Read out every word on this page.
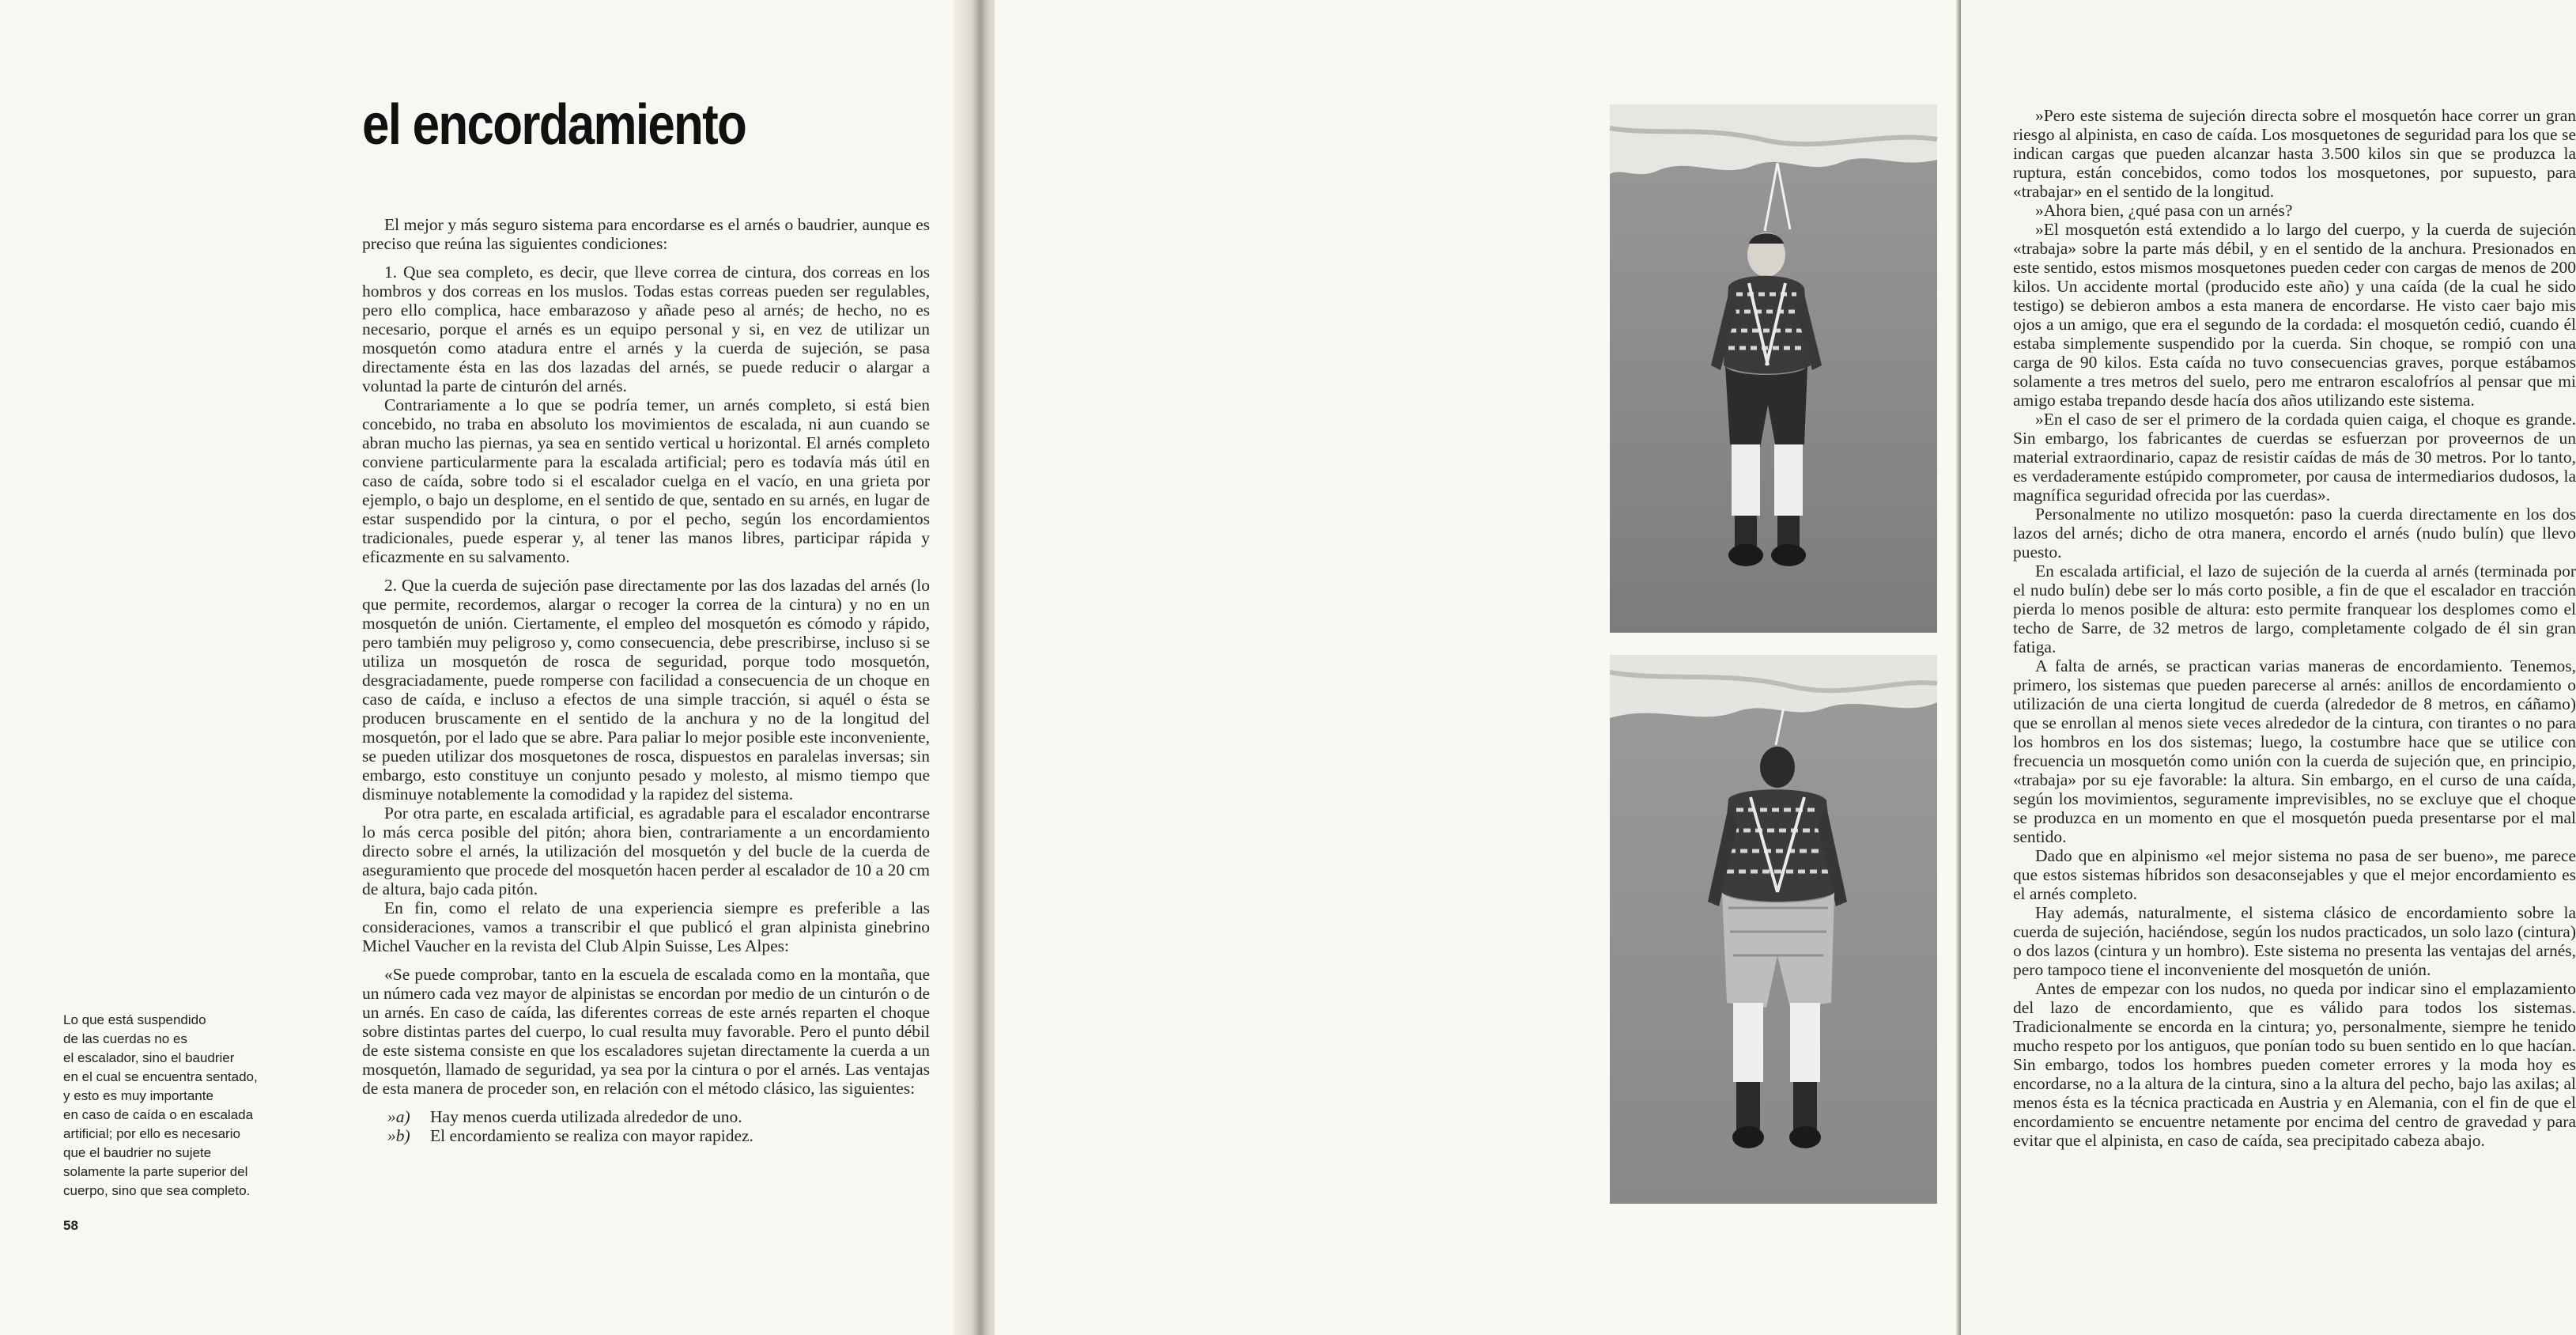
el encordamiento

El mejor y más seguro sistema para encordarse es el arnés o baudrier, aunque es preciso que reúna las siguientes condiciones:

1. Que sea completo, es decir, que lleve correa de cintura, dos correas en los hombros y dos correas en los muslos. Todas estas correas pueden ser regulables, pero ello complica, hace embarazoso y añade peso al arnés; de hecho, no es necesario, porque el arnés es un equipo personal y si, en vez de utilizar un mosquetón como atadura entre el arnés y la cuerda de sujeción, se pasa directamente ésta en las dos lazadas del arnés, se puede reducir o alargar a voluntad la parte de cinturón del arnés.

Contrariamente a lo que se podría temer, un arnés completo, si está bien concebido, no traba en absoluto los movimientos de escalada, ni aun cuando se abran mucho las piernas, ya sea en sentido vertical u horizontal. El arnés completo conviene particularmente para la escalada artificial; pero es todavía más útil en caso de caída, sobre todo si el escalador cuelga en el vacío, en una grieta por ejemplo, o bajo un desplome, en el sentido de que, sentado en su arnés, en lugar de estar suspendido por la cintura, o por el pecho, según los encordamientos tradicionales, puede esperar y, al tener las manos libres, participar rápida y eficazmente en su salvamento.

2. Que la cuerda de sujeción pase directamente por las dos lazadas del arnés (lo que permite, recordemos, alargar o recoger la correa de la cintura) y no en un mosquetón de unión. Ciertamente, el empleo del mosquetón es cómodo y rápido, pero también muy peligroso y, como consecuencia, debe prescribirse, incluso si se utiliza un mosquetón de rosca de seguridad, porque todo mosquetón, desgraciadamente, puede romperse con facilidad a consecuencia de un choque en caso de caída, e incluso a efectos de una simple tracción, si aquél o ésta se producen bruscamente en el sentido de la anchura y no de la longitud del mosquetón, por el lado que se abre. Para paliar lo mejor posible este inconveniente, se pueden utilizar dos mosquetones de rosca, dispuestos en paralelas inversas; sin embargo, esto constituye un conjunto pesado y molesto, al mismo tiempo que disminuye notablemente la comodidad y la rapidez del sistema.

Por otra parte, en escalada artificial, es agradable para el escalador encontrarse lo más cerca posible del pitón; ahora bien, contrariamente a un encordamiento directo sobre el arnés, la utilización del mosquetón y del bucle de la cuerda de aseguramiento que procede del mosquetón hacen perder al escalador de 10 a 20 cm de altura, bajo cada pitón.

En fin, como el relato de una experiencia siempre es preferible a las consideraciones, vamos a transcribir el que publicó el gran alpinista ginebrino Michel Vaucher en la revista del Club Alpin Suisse, Les Alpes:

«Se puede comprobar, tanto en la escuela de escalada como en la montaña, que un número cada vez mayor de alpinistas se encordan por medio de un cinturón o de un arnés. En caso de caída, las diferentes correas de este arnés reparten el choque sobre distintas partes del cuerpo, lo cual resulta muy favorable. Pero el punto débil de este sistema consiste en que los escaladores sujetan directamente la cuerda a un mosquetón, llamado de seguridad, ya sea por la cintura o por el arnés. Las ventajas de esta manera de proceder son, en relación con el método clásico, las siguientes:

»a) Hay menos cuerda utilizada alrededor de uno.

»b) El encordamiento se realiza con mayor rapidez.

Lo que está suspendido
de las cuerdas no es
el escalador, sino el baudrier
en el cual se encuentra sentado,
y esto es muy importante
en caso de caída o en escalada
artificial; por ello es necesario
que el baudrier no sujete
solamente la parte superior del
cuerpo, sino que sea completo.
58

»Pero este sistema de sujeción directa sobre el mosquetón hace correr un gran riesgo al alpinista, en caso de caída. Los mosquetones de seguridad para los que se indican cargas que pueden alcanzar hasta 3.500 kilos sin que se produzca la ruptura, están concebidos, como todos los mosquetones, por supuesto, para «trabajar» en el sentido de la longitud.

»Ahora bien, ¿qué pasa con un arnés?

»El mosquetón está extendido a lo largo del cuerpo, y la cuerda de sujeción «trabaja» sobre la parte más débil, y en el sentido de la anchura. Presionados en este sentido, estos mismos mosquetones pueden ceder con cargas de menos de 200 kilos. Un accidente mortal (producido este año) y una caída (de la cual he sido testigo) se debieron ambos a esta manera de encordarse. He visto caer bajo mis ojos a un amigo, que era el segundo de la cordada: el mosquetón cedió, cuando él estaba simplemente suspendido por la cuerda. Sin choque, se rompió con una carga de 90 kilos. Esta caída no tuvo consecuencias graves, porque estábamos solamente a tres metros del suelo, pero me entraron escalofríos al pensar que mi amigo estaba trepando desde hacía dos años utilizando este sistema.

»En el caso de ser el primero de la cordada quien caiga, el choque es grande. Sin embargo, los fabricantes de cuerdas se esfuerzan por proveernos de un material extraordinario, capaz de resistir caídas de más de 30 metros. Por lo tanto, es verdaderamente estúpido comprometer, por causa de intermediarios dudosos, la magnífica seguridad ofrecida por las cuerdas».

Personalmente no utilizo mosquetón: paso la cuerda directamente en los dos lazos del arnés; dicho de otra manera, encordo el arnés (nudo bulín) que llevo puesto.

En escalada artificial, el lazo de sujeción de la cuerda al arnés (terminada por el nudo bulín) debe ser lo más corto posible, a fin de que el escalador en tracción pierda lo menos posible de altura: esto permite franquear los desplomes como el techo de Sarre, de 32 metros de largo, completamente colgado de él sin gran fatiga.

A falta de arnés, se practican varias maneras de encordamiento. Tenemos, primero, los sistemas que pueden parecerse al arnés: anillos de encordamiento o utilización de una cierta longitud de cuerda (alrededor de 8 metros, en cáñamo) que se enrollan al menos siete veces alrededor de la cintura, con tirantes o no para los hombros en los dos sistemas; luego, la costumbre hace que se utilice con frecuencia un mosquetón como unión con la cuerda de sujeción que, en principio, «trabaja» por su eje favorable: la altura. Sin embargo, en el curso de una caída, según los movimientos, seguramente imprevisibles, no se excluye que el choque se produzca en un momento en que el mosquetón pueda presentarse por el mal sentido.

Dado que en alpinismo «el mejor sistema no pasa de ser bueno», me parece que estos sistemas híbridos son desaconsejables y que el mejor encordamiento es el arnés completo.

Hay además, naturalmente, el sistema clásico de encordamiento sobre la cuerda de sujeción, haciéndose, según los nudos practicados, un solo lazo (cintura) o dos lazos (cintura y un hombro). Este sistema no presenta las ventajas del arnés, pero tampoco tiene el inconveniente del mosquetón de unión.

Antes de empezar con los nudos, no queda por indicar sino el emplazamiento del lazo de encordamiento, que es válido para todos los sistemas. Tradicionalmente se encorda en la cintura; yo, personalmente, siempre he tenido mucho respeto por los antiguos, que ponían todo su buen sentido en lo que hacían. Sin embargo, todos los hombres pueden cometer errores y la moda hoy es encordarse, no a la altura de la cintura, sino a la altura del pecho, bajo las axilas; al menos ésta es la técnica practicada en Austria y en Alemania, con el fin de que el encordamiento se encuentre netamente por encima del centro de gravedad y para evitar que el alpinista, en caso de caída, sea precipitado cabeza abajo.
